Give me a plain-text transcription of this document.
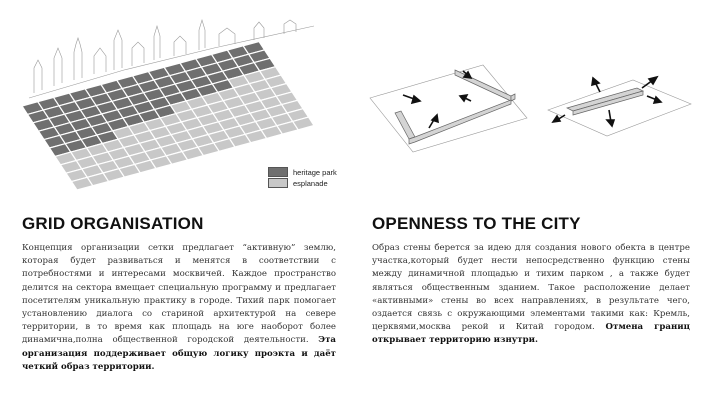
heritage park
esplanade
GRID ORGANISATION

Концепция организации сетки предлагает “активную” землю, которая будет развиваться и менятся в соответствии с потребностями и интересами москвичей. Каждое пространство делится на сектора вмещает специальную программу и предлагает посетителям уникальную практику в городе. Тихий парк помогает установлению диалога со стариной архитектурой на севере территории, в то время как площадь на юге наоборот более динамична,полна общественной городской деятельности. Эта организация поддерживает общую логику проэкта и даёт четкий образ территории.

OPENNESS TO THE CITY

Образ стены берется за идею для создания нового обекта в центре участка,который будет нести непосредственно функцию стены между динамичной площадью и тихим парком , а также будет являться общественным зданием. Такое расположение делает «активными» стены во всех направлениях, в результате чего, оздается связь с окружающими элементами такими как: Кремль, церквями,москва рекой и Китай городом. Отмена границ открывает территорию изнутри.
